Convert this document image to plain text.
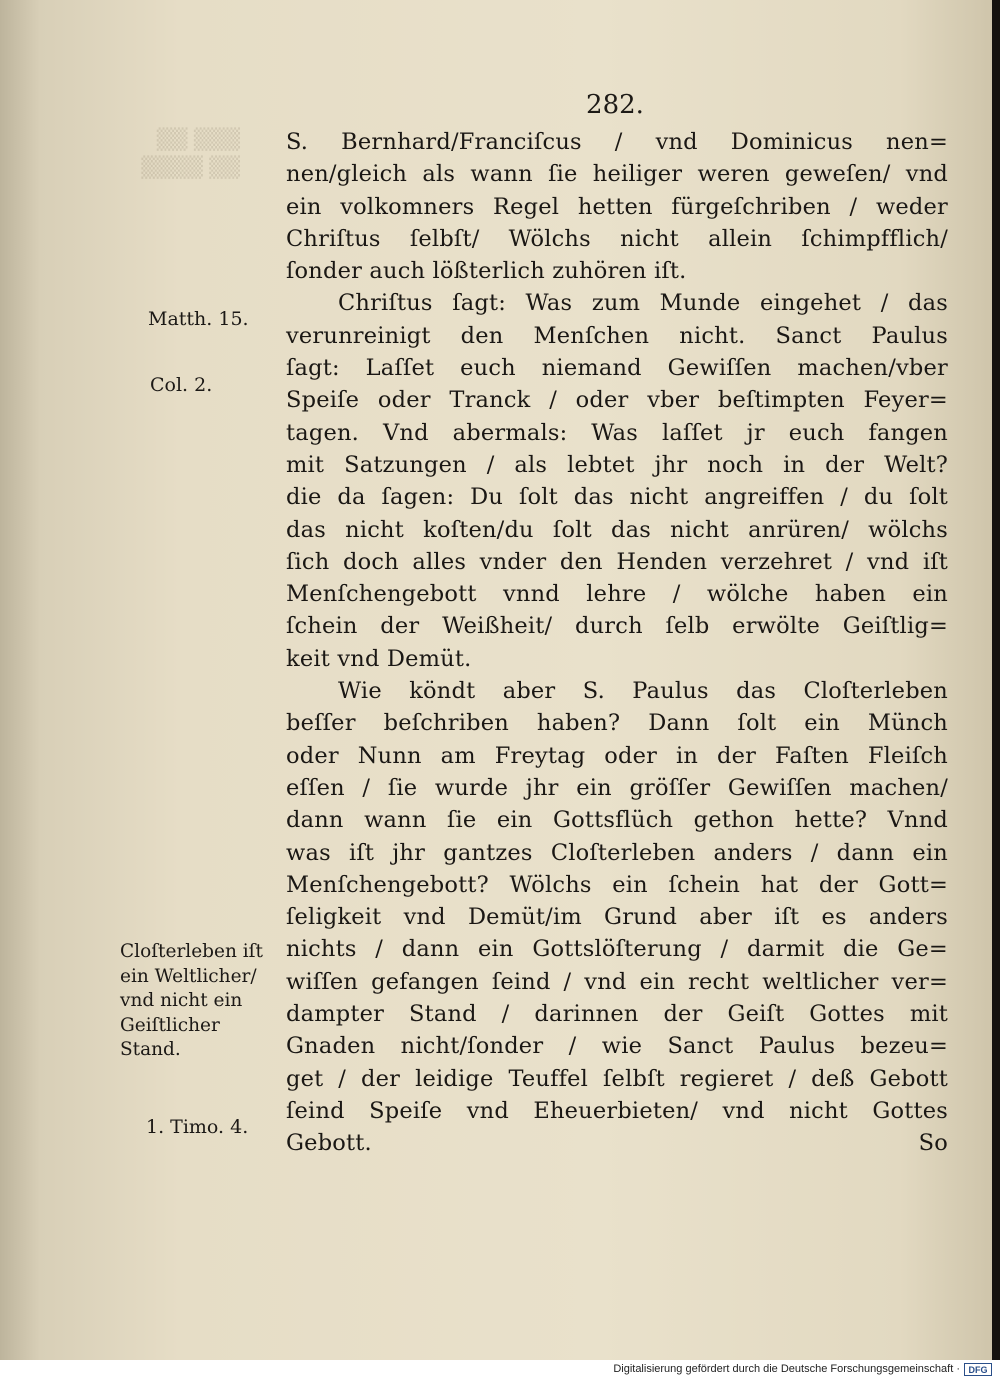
▒▒▒ ▒▒
▒▒ ▒▒▒▒
282.
S. Bernhard/Franciſcus / vnd Dominicus nen=
nen/gleich als wann ſie heiliger weren geweſen/ vnd
ein volkomners Regel hetten fürgeſchriben / weder
Chriſtus ſelbſt/ Wölchs nicht allein ſchimpfflich/
ſonder auch lößterlich zuhören iſt.
Chriſtus ſagt: Was zum Munde eingehet / das
verunreinigt den Menſchen nicht. Sanct Paulus
ſagt: Laſſet euch niemand Gewiſſen machen/vber
Speiſe oder Tranck / oder vber beſtimpten Feyer=
tagen. Vnd abermals: Was laſſet jr euch fangen
mit Satzungen / als lebtet jhr noch in der Welt?
die da ſagen: Du ſolt das nicht angreiffen / du ſolt
das nicht koſten/du ſolt das nicht anrüren/ wölchs
ſich doch alles vnder den Henden verzehret / vnd iſt
Menſchengebott vnnd lehre / wölche haben ein
ſchein der Weißheit/ durch ſelb erwölte Geiſtlig=
keit vnd Demüt.
Wie köndt aber S. Paulus das Cloſterleben
beſſer beſchriben haben? Dann ſolt ein Münch
oder Nunn am Freytag oder in der Faſten Fleiſch
eſſen / ſie wurde jhr ein gröſſer Gewiſſen machen/
dann wann ſie ein Gottsflüch gethon hette? Vnnd
was iſt jhr gantzes Cloſterleben anders / dann ein
Menſchengebott? Wölchs ein ſchein hat der Gott=
ſeligkeit vnd Demüt/im Grund aber iſt es anders
nichts / dann ein Gottslöſterung / darmit die Ge=
wiſſen gefangen ſeind / vnd ein recht weltlicher ver=
dampter Stand / darinnen der Geiſt Gottes mit
Gnaden nicht/ſonder / wie Sanct Paulus bezeu=
get / der leidige Teuffel ſelbſt regieret / deß Gebott
ſeind Speiſe vnd Eheuerbieten/ vnd nicht Gottes
Gebott.	So
Matth. 15.
Col. 2.
Cloſterleben iſt
ein Weltlicher/
vnd nicht ein
Geiſtlicher
Stand.
1. Timo. 4.
Digitalisierung gefördert durch die Deutsche Forschungsgemeinschaft · DFG
